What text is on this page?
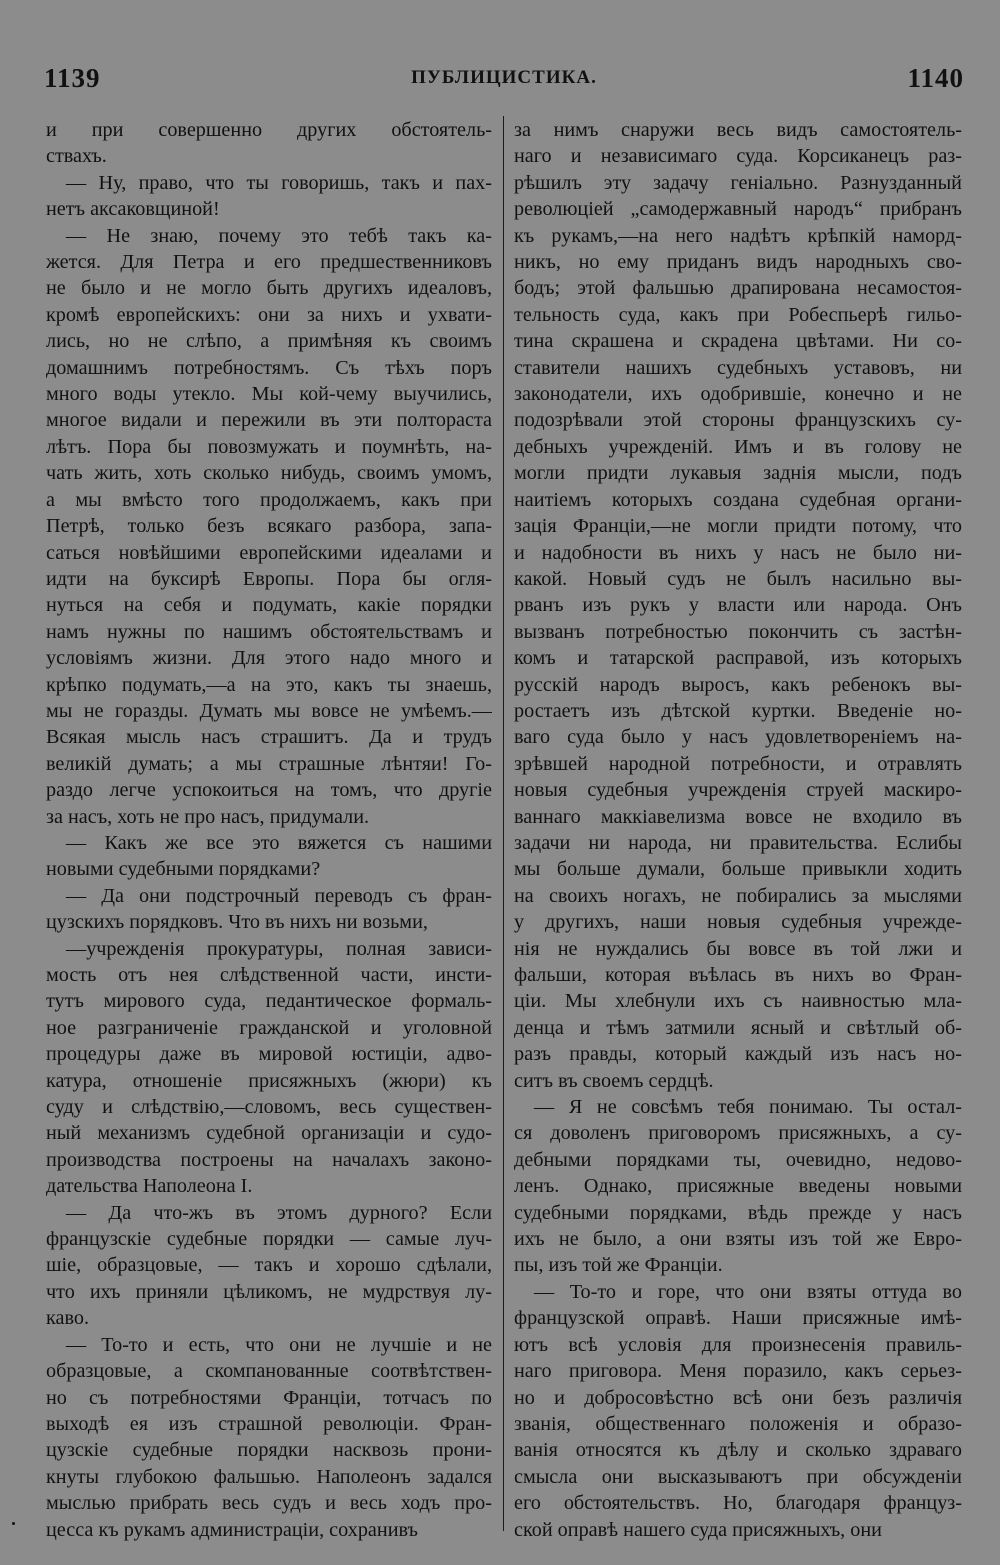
1139	ПУБЛИЦИСТИКА.	1140
и при совершенно других обстоятель-
ствахъ.
— Ну, право, что ты говоришь, такъ и пах-
нетъ аксаковщиной!
— Не знаю, почему это тебѣ такъ ка-
жется. Для Петра и его предшественниковъ
не было и не могло быть другихъ идеаловъ,
кромѣ европейскихъ: они за нихъ и ухвати-
лись, но не слѣпо, а примѣняя къ своимъ
домашнимъ потребностямъ. Съ тѣхъ поръ
много воды утекло. Мы кой-чему выучились,
многое видали и пережили въ эти полтораста
лѣтъ. Пора бы повозмужать и поумнѣть, на-
чать жить, хоть сколько нибудь, своимъ умомъ,
а мы вмѣсто того продолжаемъ, какъ при
Петрѣ, только безъ всякаго разбора, запа-
саться новѣйшими европейскими идеалами и
идти на буксирѣ Европы. Пора бы огля-
нуться на себя и подумать, какіе порядки
намъ нужны по нашимъ обстоятельствамъ и
условіямъ жизни. Для этого надо много и
крѣпко подумать,—а на это, какъ ты знаешь,
мы не горазды. Думать мы вовсе не умѣемъ.—
Всякая мысль насъ страшитъ. Да и трудъ
великій думать; а мы страшные лѣнтяи! Го-
раздо легче успокоиться на томъ, что другіе
за насъ, хоть не про насъ, придумали.
— Какъ же все это вяжется съ нашими
новыми судебными порядками?
— Да они подстрочный переводъ съ фран-
цузскихъ порядковъ. Что въ нихъ ни возьми,
—учрежденія прокуратуры, полная зависи-
мость отъ нея слѣдственной части, инсти-
тутъ мирового суда, педантическое формаль-
ное разграниченіе гражданской и уголовной
процедуры даже въ мировой юстиціи, адво-
катура, отношеніе присяжныхъ (жюри) къ
суду и слѣдствію,—словомъ, весь существен-
ный механизмъ судебной организаціи и судо-
производства построены на началахъ законо-
дательства Наполеона I.
— Да что-жъ въ этомъ дурного? Если
французскіе судебные порядки — самые луч-
шіе, образцовые, — такъ и хорошо сдѣлали,
что ихъ приняли цѣликомъ, не мудрствуя лу-
каво.
— То-то и есть, что они не лучшіе и не
образцовые, а скомпанованные соотвѣтствен-
но съ потребностями Франціи, тотчасъ по
выходѣ ея изъ страшной революціи. Фран-
цузскіе судебные порядки насквозь прони-
кнуты глубокою фальшью. Наполеонъ задался
мыслью прибрать весь судъ и весь ходъ про-
цесса къ рукамъ администраціи, сохранивъ
за нимъ снаружи весь видъ самостоятель-
наго и независимаго суда. Корсиканецъ раз-
рѣшилъ эту задачу геніально. Разнузданный
революціей „самодержавный народъ“ прибранъ
къ рукамъ,—на него надѣтъ крѣпкій наморд-
никъ, но ему приданъ видъ народныхъ сво-
бодъ; этой фальшью драпирована несамостоя-
тельность суда, какъ при Робеспьерѣ гильо-
тина скрашена и скрадена цвѣтами. Ни со-
ставители нашихъ судебныхъ уставовъ, ни
законодатели, ихъ одобрившіе, конечно и не
подозрѣвали этой стороны французскихъ су-
дебныхъ учрежденій. Имъ и въ голову не
могли придти лукавыя заднія мысли, подъ
наитіемъ которыхъ создана судебная органи-
зація Франціи,—не могли придти потому, что
и надобности въ нихъ у насъ не было ни-
какой. Новый судъ не былъ насильно вы-
рванъ изъ рукъ у власти или народа. Онъ
вызванъ потребностью покончить съ застѣн-
комъ и татарской расправой, изъ которыхъ
русскій народъ выросъ, какъ ребенокъ вы-
ростаетъ изъ дѣтской куртки. Введеніе но-
ваго суда было у насъ удовлетвореніемъ на-
зрѣвшей народной потребности, и отравлять
новыя судебныя учрежденія струей маскиро-
ваннаго маккіавелизма вовсе не входило въ
задачи ни народа, ни правительства. Еслибы
мы больше думали, больше привыкли ходить
на своихъ ногахъ, не побирались за мыслями
у другихъ, наши новыя судебныя учрежде-
нія не нуждались бы вовсе въ той лжи и
фальши, которая въѣлась въ нихъ во Фран-
ціи. Мы хлебнули ихъ съ наивностью мла-
денца и тѣмъ затмили ясный и свѣтлый об-
разъ правды, который каждый изъ насъ но-
ситъ въ своемъ сердцѣ.
— Я не совсѣмъ тебя понимаю. Ты остал-
ся доволенъ приговоромъ присяжныхъ, а су-
дебными порядками ты, очевидно, недово-
ленъ. Однако, присяжные введены новыми
судебными порядками, вѣдь прежде у насъ
ихъ не было, а они взяты изъ той же Евро-
пы, изъ той же Франціи.
— То-то и горе, что они взяты оттуда во
французской оправѣ. Наши присяжные имѣ-
ютъ всѣ условія для произнесенія правиль-
наго приговора. Меня поразило, какъ серьез-
но и добросовѣстно всѣ они безъ различія
званія, общественнаго положенія и образо-
ванія относятся къ дѣлу и сколько здраваго
смысла они высказываютъ при обсужденіи
его обстоятельствъ. Но, благодаря француз-
ской оправѣ нашего суда присяжныхъ, они
